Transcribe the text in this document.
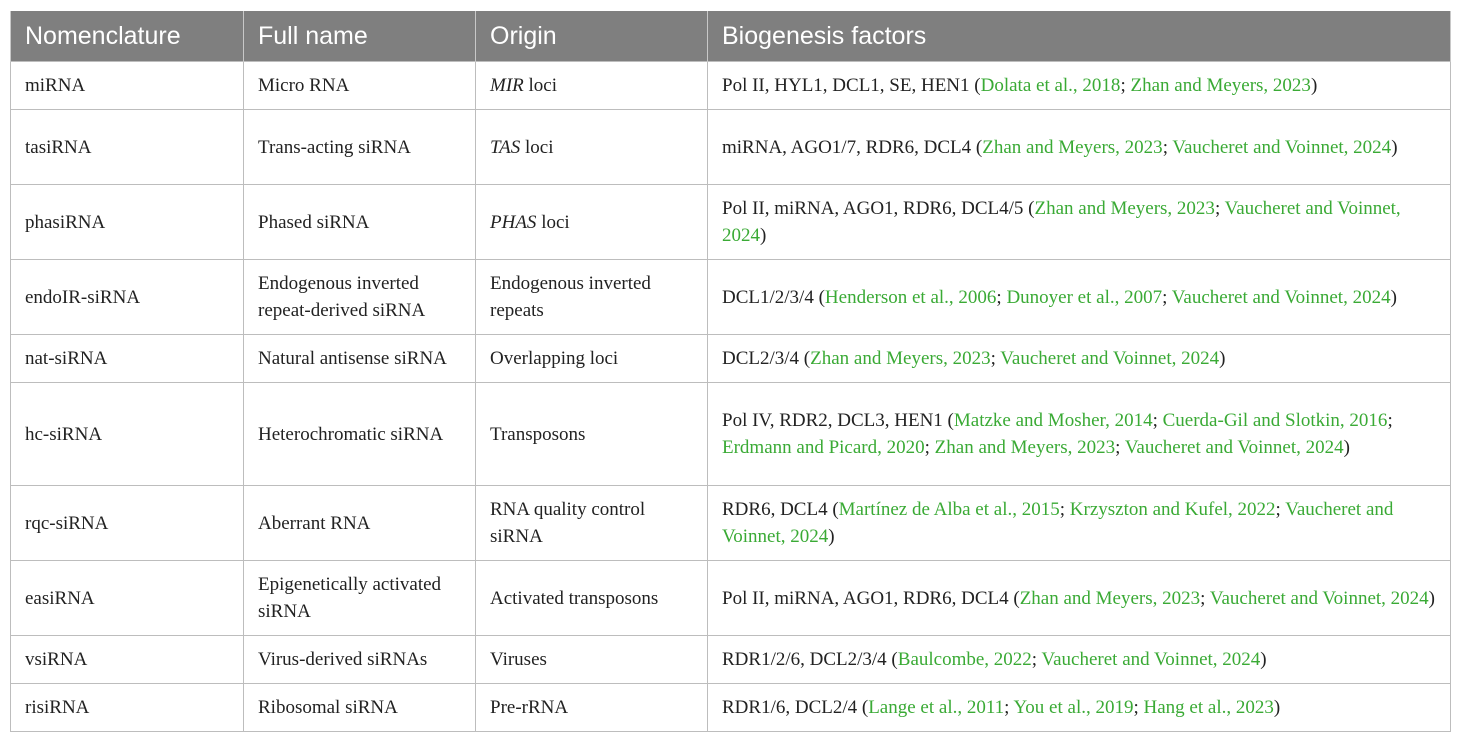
Nomenclature	Full name	Origin	Biogenesis factors
miRNA	Micro RNA	MIR loci	Pol II, HYL1, DCL1, SE, HEN1 (Dolata et al., 2018; Zhan and Meyers, 2023)
tasiRNA	Trans-acting siRNA	TAS loci	miRNA, AGO1/7, RDR6, DCL4 (Zhan and Meyers, 2023; Vaucheret and Voinnet, 2024)
phasiRNA	Phased siRNA	PHAS loci	Pol II, miRNA, AGO1, RDR6, DCL4/5 (Zhan and Meyers, 2023; Vaucheret and Voinnet, 2024)
endoIR-siRNA	Endogenous inverted repeat-derived siRNA	Endogenous inverted repeats	DCL1/2/3/4 (Henderson et al., 2006; Dunoyer et al., 2007; Vaucheret and Voinnet, 2024)
nat-siRNA	Natural antisense siRNA	Overlapping loci	DCL2/3/4 (Zhan and Meyers, 2023; Vaucheret and Voinnet, 2024)
hc-siRNA	Heterochromatic siRNA	Transposons	Pol IV, RDR2, DCL3, HEN1 (Matzke and Mosher, 2014; Cuerda-Gil and Slotkin, 2016; Erdmann and Picard, 2020; Zhan and Meyers, 2023; Vaucheret and Voinnet, 2024)
rqc-siRNA	Aberrant RNA	RNA quality control siRNA	RDR6, DCL4 (Martínez de Alba et al., 2015; Krzyszton and Kufel, 2022; Vaucheret and Voinnet, 2024)
easiRNA	Epigenetically activated siRNA	Activated transposons	Pol II, miRNA, AGO1, RDR6, DCL4 (Zhan and Meyers, 2023; Vaucheret and Voinnet, 2024)
vsiRNA	Virus-derived siRNAs	Viruses	RDR1/2/6, DCL2/3/4 (Baulcombe, 2022; Vaucheret and Voinnet, 2024)
risiRNA	Ribosomal siRNA	Pre-rRNA	RDR1/6, DCL2/4 (Lange et al., 2011; You et al., 2019; Hang et al., 2023)
